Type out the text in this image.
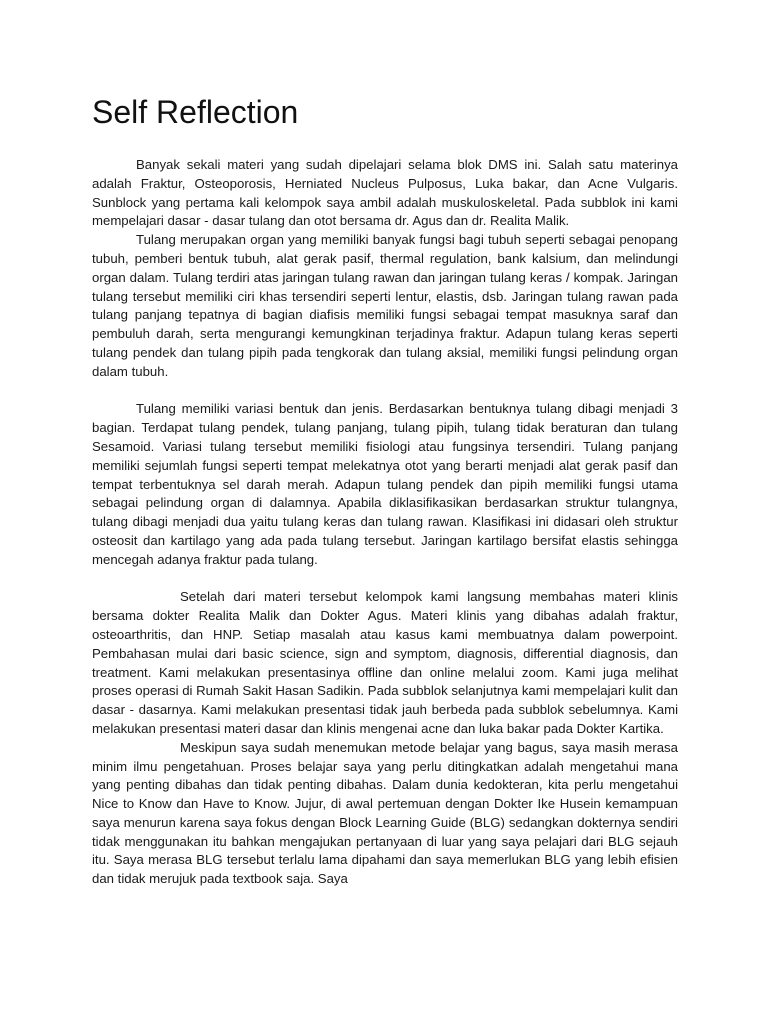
Self Reflection

Banyak sekali materi yang sudah dipelajari selama blok DMS ini. Salah satu materinya adalah Fraktur, Osteoporosis, Herniated Nucleus Pulposus, Luka bakar, dan Acne Vulgaris. Sunblock yang pertama kali kelompok saya ambil adalah muskuloskeletal. Pada subblok ini kami mempelajari dasar - dasar tulang dan otot bersama dr. Agus dan dr. Realita Malik.

Tulang merupakan organ yang memiliki banyak fungsi bagi tubuh seperti sebagai penopang tubuh, pemberi bentuk tubuh, alat gerak pasif, thermal regulation, bank kalsium, dan melindungi organ dalam. Tulang terdiri atas jaringan tulang rawan dan jaringan tulang keras / kompak. Jaringan tulang tersebut memiliki ciri khas tersendiri seperti lentur, elastis, dsb. Jaringan tulang rawan pada tulang panjang tepatnya di bagian diafisis memiliki fungsi sebagai tempat masuknya saraf dan pembuluh darah, serta mengurangi kemungkinan terjadinya fraktur. Adapun tulang keras seperti tulang pendek dan tulang pipih pada tengkorak dan tulang aksial, memiliki fungsi pelindung organ dalam tubuh.

Tulang memiliki variasi bentuk dan jenis. Berdasarkan bentuknya tulang dibagi menjadi 3 bagian. Terdapat tulang pendek, tulang panjang, tulang pipih, tulang tidak beraturan dan tulang Sesamoid. Variasi tulang tersebut memiliki fisiologi atau fungsinya tersendiri. Tulang panjang memiliki sejumlah fungsi seperti tempat melekatnya otot yang berarti menjadi alat gerak pasif dan tempat terbentuknya sel darah merah. Adapun tulang pendek dan pipih memiliki fungsi utama sebagai pelindung organ di dalamnya. Apabila diklasifikasikan berdasarkan struktur tulangnya, tulang dibagi menjadi dua yaitu tulang keras dan tulang rawan. Klasifikasi ini didasari oleh struktur osteosit dan kartilago yang ada pada tulang tersebut. Jaringan kartilago bersifat elastis sehingga mencegah adanya fraktur pada tulang.

Setelah dari materi tersebut kelompok kami langsung membahas materi klinis bersama dokter Realita Malik dan Dokter Agus. Materi klinis yang dibahas adalah fraktur, osteoarthritis, dan HNP. Setiap masalah atau kasus kami membuatnya dalam powerpoint. Pembahasan mulai dari basic science, sign and symptom, diagnosis, differential diagnosis, dan treatment. Kami melakukan presentasinya offline dan online melalui zoom. Kami juga melihat proses operasi di Rumah Sakit Hasan Sadikin. Pada subblok selanjutnya kami mempelajari kulit dan dasar - dasarnya. Kami melakukan presentasi tidak jauh berbeda pada subblok sebelumnya. Kami melakukan presentasi materi dasar dan klinis mengenai acne dan luka bakar pada Dokter Kartika.

Meskipun saya sudah menemukan metode belajar yang bagus, saya masih merasa minim ilmu pengetahuan. Proses belajar saya yang perlu ditingkatkan adalah mengetahui mana yang penting dibahas dan tidak penting dibahas. Dalam dunia kedokteran, kita perlu mengetahui Nice to Know dan Have to Know. Jujur, di awal pertemuan dengan Dokter Ike Husein kemampuan saya menurun karena saya fokus dengan Block Learning Guide (BLG) sedangkan dokternya sendiri tidak menggunakan itu bahkan mengajukan pertanyaan di luar yang saya pelajari dari BLG sejauh itu. Saya merasa BLG tersebut terlalu lama dipahami dan saya memerlukan BLG yang lebih efisien dan tidak merujuk pada textbook saja. Saya
